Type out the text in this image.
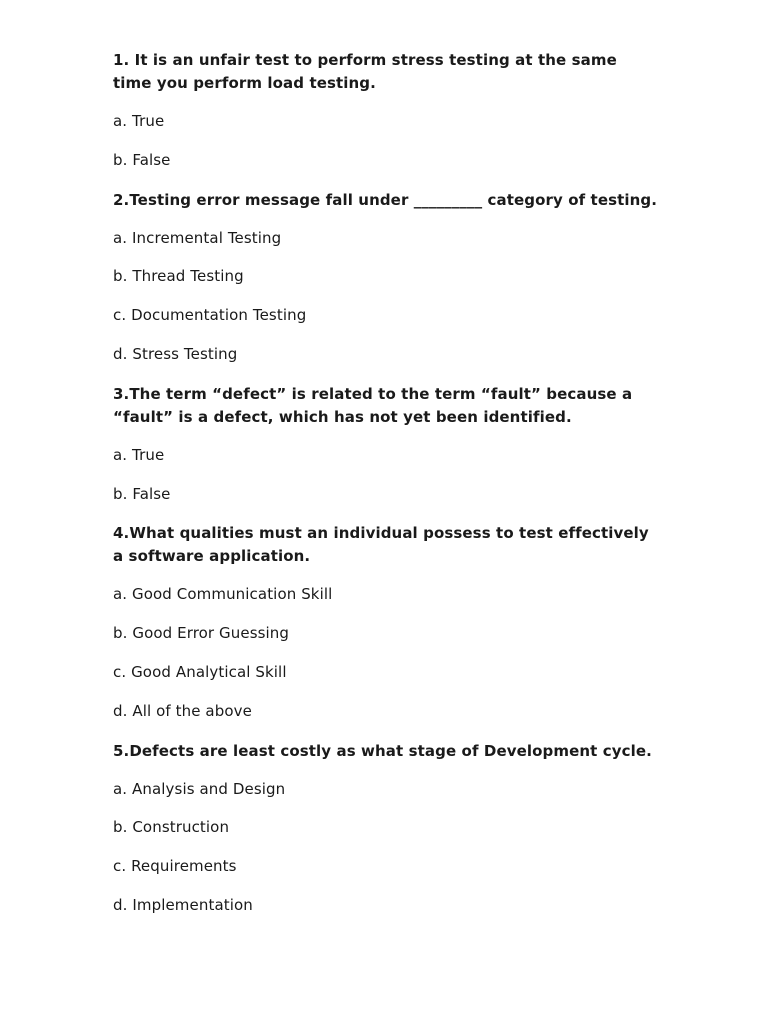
1. It is an unfair test to perform stress testing at the same time you perform load testing.

a. True

b. False

2.Testing error message fall under _________ category of testing.

a. Incremental Testing

b. Thread Testing

c. Documentation Testing

d. Stress Testing

3.The term “defect” is related to the term “fault” because a “fault” is a defect, which has not yet been identified.

a. True

b. False

4.What qualities must an individual possess to test effectively a software application.

a. Good Communication Skill

b. Good Error Guessing

c. Good Analytical Skill

d. All of the above

5.Defects are least costly as what stage of Development cycle.

a. Analysis and Design

b. Construction

c. Requirements

d. Implementation
